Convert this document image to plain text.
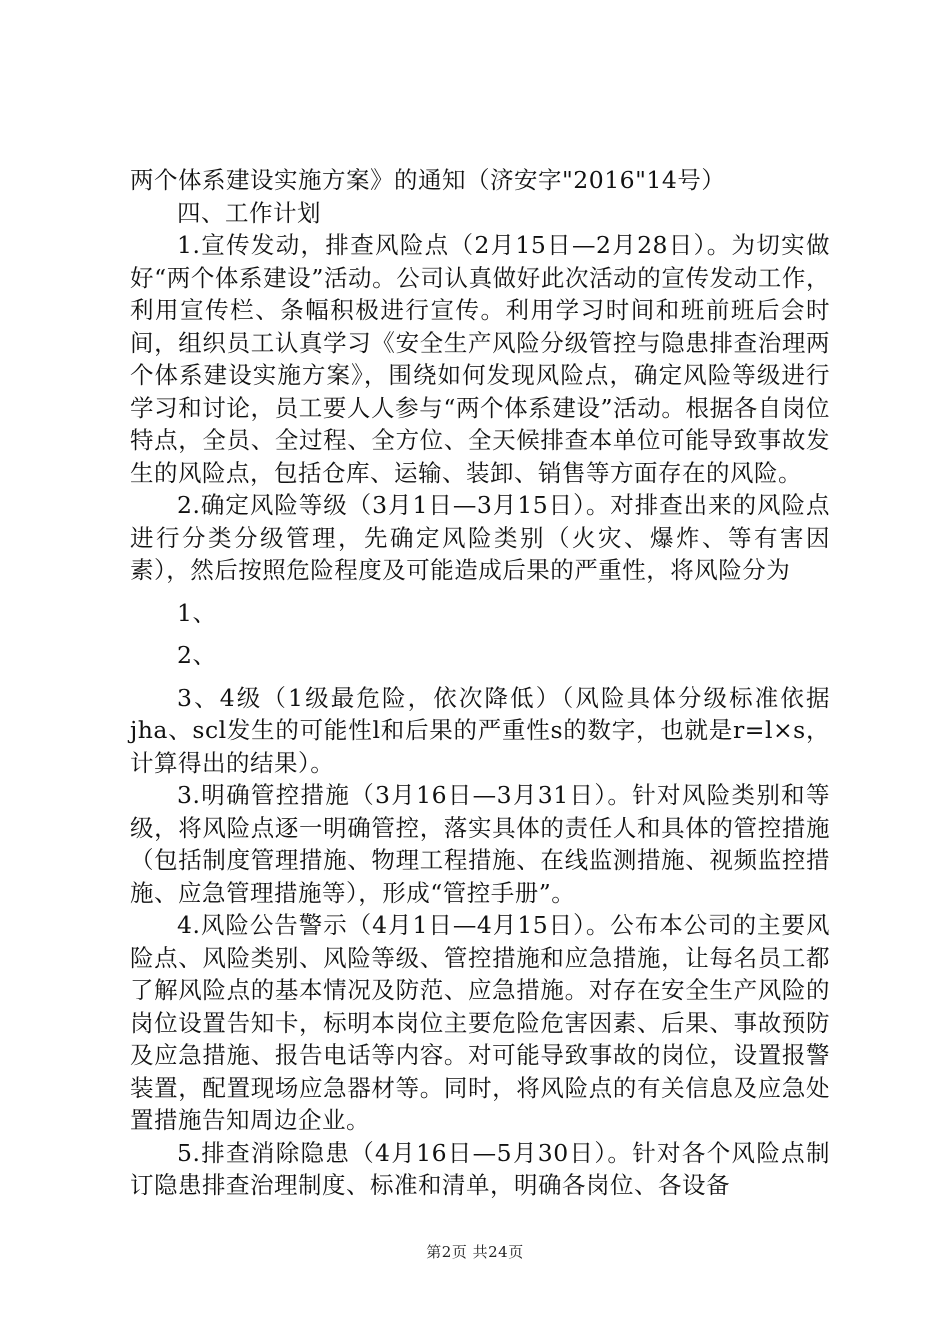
两个体系建设实施方案》的通知（济安字"2016"14号）

四、工作计划

1.宣传发动，排查风险点（2月15日—2月28日）。为切实做好“两个体系建设”活动。公司认真做好此次活动的宣传发动工作，利用宣传栏、条幅积极进行宣传。利用学习时间和班前班后会时间，组织员工认真学习《安全生产风险分级管控与隐患排查治理两个体系建设实施方案》，围绕如何发现风险点，确定风险等级进行学习和讨论，员工要人人参与“两个体系建设”活动。根据各自岗位特点，全员、全过程、全方位、全天候排查本单位可能导致事故发生的风险点，包括仓库、运输、装卸、销售等方面存在的风险。

2.确定风险等级（3月1日—3月15日）。对排查出来的风险点进行分类分级管理，先确定风险类别（火灾、爆炸、等有害因素），然后按照危险程度及可能造成后果的严重性，将风险分为

1、

2、

3、4级（1级最危险，依次降低）（风险具体分级标准依据jha、scl发生的可能性l和后果的严重性s的数字，也就是r=l×s，计算得出的结果）。

3.明确管控措施（3月16日—3月31日）。针对风险类别和等级，将风险点逐一明确管控，落实具体的责任人和具体的管控措施（包括制度管理措施、物理工程措施、在线监测措施、视频监控措施、应急管理措施等），形成“管控手册”。

4.风险公告警示（4月1日—4月15日）。公布本公司的主要风险点、风险类别、风险等级、管控措施和应急措施，让每名员工都了解风险点的基本情况及防范、应急措施。对存在安全生产风险的岗位设置告知卡，标明本岗位主要危险危害因素、后果、事故预防及应急措施、报告电话等内容。对可能导致事故的岗位，设置报警装置，配置现场应急器材等。同时，将风险点的有关信息及应急处置措施告知周边企业。

5.排查消除隐患（4月16日—5月30日）。针对各个风险点制订隐患排查治理制度、标准和清单，明确各岗位、各设备

第2页 共24页
